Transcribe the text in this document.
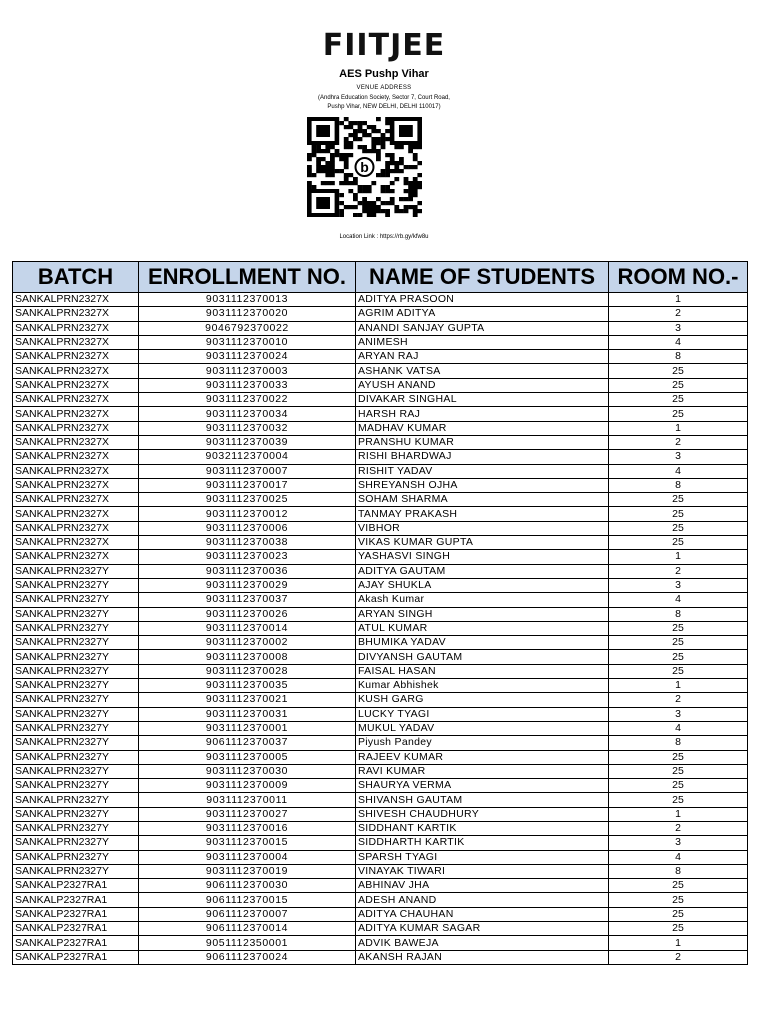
FIITJEE
AES Pushp Vihar
VENUE ADDRESS
(Andhra Education Society, Sector 7, Court Road,
Pushp Vihar, NEW DELHI, DELHI 110017)
b
Location Link : https://rb.gy/kfw8u
BATCH	ENROLLMENT NO.	NAME OF STUDENTS	ROOM NO.-
SANKALPRN2327X	9031112370013	ADITYA PRASOON	1
SANKALPRN2327X	9031112370020	AGRIM ADITYA	2
SANKALPRN2327X	9046792370022	ANANDI SANJAY GUPTA	3
SANKALPRN2327X	9031112370010	ANIMESH	4
SANKALPRN2327X	9031112370024	ARYAN RAJ	8
SANKALPRN2327X	9031112370003	ASHANK VATSA	25
SANKALPRN2327X	9031112370033	AYUSH ANAND	25
SANKALPRN2327X	9031112370022	DIVAKAR SINGHAL	25
SANKALPRN2327X	9031112370034	HARSH RAJ	25
SANKALPRN2327X	9031112370032	MADHAV KUMAR	1
SANKALPRN2327X	9031112370039	PRANSHU KUMAR	2
SANKALPRN2327X	9032112370004	RISHI BHARDWAJ	3
SANKALPRN2327X	9031112370007	RISHIT YADAV	4
SANKALPRN2327X	9031112370017	SHREYANSH OJHA	8
SANKALPRN2327X	9031112370025	SOHAM SHARMA	25
SANKALPRN2327X	9031112370012	TANMAY PRAKASH	25
SANKALPRN2327X	9031112370006	VIBHOR	25
SANKALPRN2327X	9031112370038	VIKAS KUMAR GUPTA	25
SANKALPRN2327X	9031112370023	YASHASVI SINGH	1
SANKALPRN2327Y	9031112370036	ADITYA GAUTAM	2
SANKALPRN2327Y	9031112370029	AJAY SHUKLA	3
SANKALPRN2327Y	9031112370037	Akash Kumar	4
SANKALPRN2327Y	9031112370026	ARYAN SINGH	8
SANKALPRN2327Y	9031112370014	ATUL KUMAR	25
SANKALPRN2327Y	9031112370002	BHUMIKA YADAV	25
SANKALPRN2327Y	9031112370008	DIVYANSH GAUTAM	25
SANKALPRN2327Y	9031112370028	FAISAL HASAN	25
SANKALPRN2327Y	9031112370035	Kumar Abhishek	1
SANKALPRN2327Y	9031112370021	KUSH GARG	2
SANKALPRN2327Y	9031112370031	LUCKY TYAGI	3
SANKALPRN2327Y	9031112370001	MUKUL YADAV	4
SANKALPRN2327Y	9061112370037	Piyush Pandey	8
SANKALPRN2327Y	9031112370005	RAJEEV KUMAR	25
SANKALPRN2327Y	9031112370030	RAVI KUMAR	25
SANKALPRN2327Y	9031112370009	SHAURYA VERMA	25
SANKALPRN2327Y	9031112370011	SHIVANSH GAUTAM	25
SANKALPRN2327Y	9031112370027	SHIVESH CHAUDHURY	1
SANKALPRN2327Y	9031112370016	SIDDHANT KARTIK	2
SANKALPRN2327Y	9031112370015	SIDDHARTH KARTIK	3
SANKALPRN2327Y	9031112370004	SPARSH TYAGI	4
SANKALPRN2327Y	9031112370019	VINAYAK TIWARI	8
SANKALP2327RA1	9061112370030	ABHINAV JHA	25
SANKALP2327RA1	9061112370015	ADESH ANAND	25
SANKALP2327RA1	9061112370007	ADITYA CHAUHAN	25
SANKALP2327RA1	9061112370014	ADITYA KUMAR SAGAR	25
SANKALP2327RA1	9051112350001	ADVIK BAWEJA	1
SANKALP2327RA1	9061112370024	AKANSH RAJAN	2
